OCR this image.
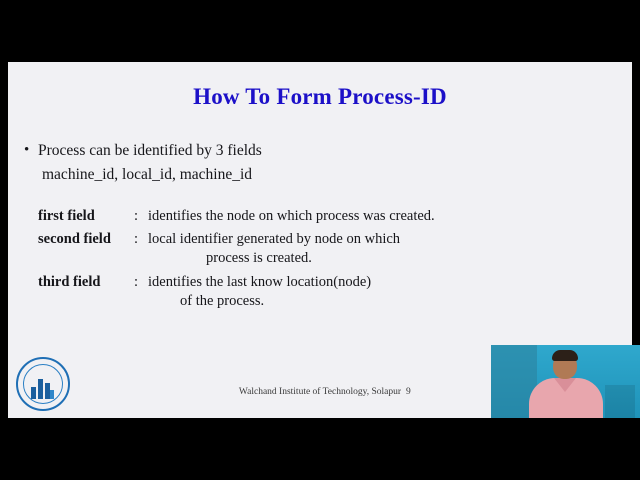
How To Form Process-ID
• Process can be identified by 3 fields
machine_id, local_id, machine_id
first field	: identifies the node on which process was created.
second field	: local identifier generated by node on which
process is created.
third field	: identifies the last know location(node)
of the process.
Walchand Institute of Technology, Solapur 9
